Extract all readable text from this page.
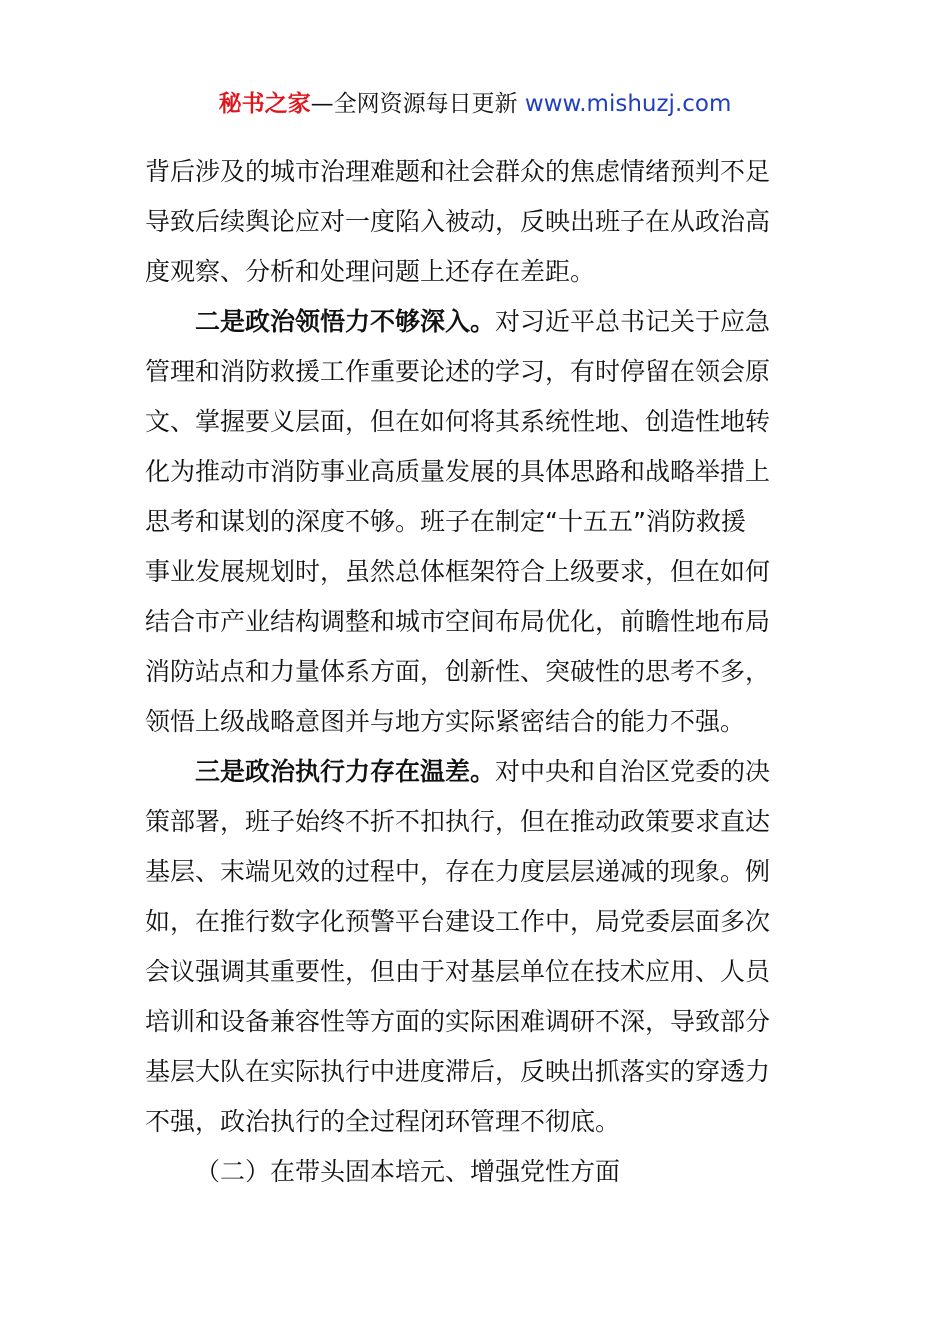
秘书之家—全网资源每日更新 www.mishuzj.com

背后涉及的城市治理难题和社会群众的焦虑情绪预判不足
导致后续舆论应对一度陷入被动，反映出班子在从政治高
度观察、分析和处理问题上还存在差距。

二是政治领悟力不够深入。对习近平总书记关于应急
管理和消防救援工作重要论述的学习，有时停留在领会原
文、掌握要义层面，但在如何将其系统性地、创造性地转
化为推动市消防事业高质量发展的具体思路和战略举措上
思考和谋划的深度不够。班子在制定“十五五”消防救援
事业发展规划时，虽然总体框架符合上级要求，但在如何
结合市产业结构调整和城市空间布局优化，前瞻性地布局
消防站点和力量体系方面，创新性、突破性的思考不多，
领悟上级战略意图并与地方实际紧密结合的能力不强。

三是政治执行力存在温差。对中央和自治区党委的决
策部署，班子始终不折不扣执行，但在推动政策要求直达
基层、末端见效的过程中，存在力度层层递减的现象。例
如，在推行数字化预警平台建设工作中，局党委层面多次
会议强调其重要性，但由于对基层单位在技术应用、人员
培训和设备兼容性等方面的实际困难调研不深，导致部分
基层大队在实际执行中进度滞后，反映出抓落实的穿透力
不强，政治执行的全过程闭环管理不彻底。

（二）在带头固本培元、增强党性方面
